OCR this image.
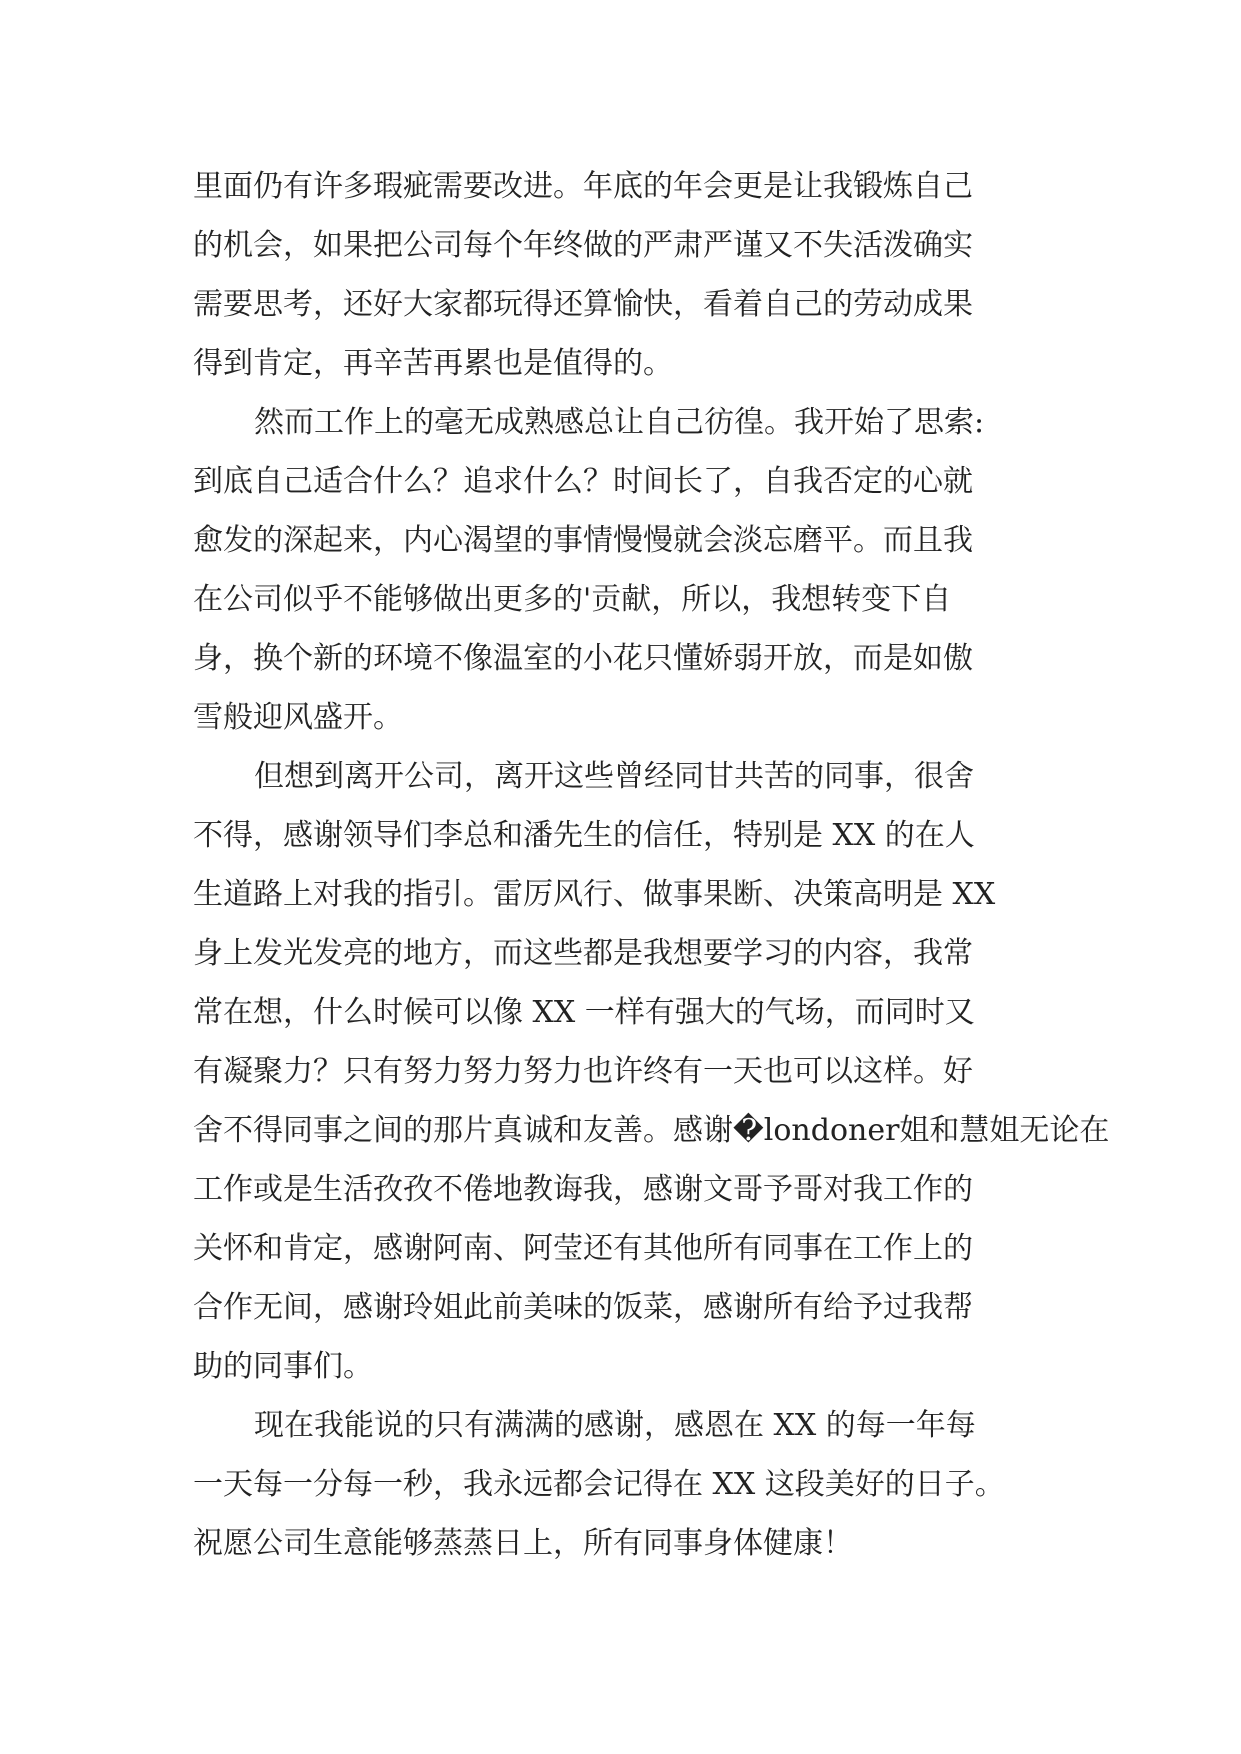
里面仍有许多瑕疵需要改进。年底的年会更是让我锻炼自己
的机会，如果把公司每个年终做的严肃严谨又不失活泼确实
需要思考，还好大家都玩得还算愉快，看着自己的劳动成果
得到肯定，再辛苦再累也是值得的。
然而工作上的毫无成熟感总让自己彷徨。我开始了思索:
到底自己适合什么？追求什么？时间长了，自我否定的心就
愈发的深起来，内心渴望的事情慢慢就会淡忘磨平。而且我
在公司似乎不能够做出更多的'贡献，所以，我想转变下自
身，换个新的环境不像温室的小花只懂娇弱开放，而是如傲
雪般迎风盛开。
但想到离开公司，离开这些曾经同甘共苦的同事，很舍
不得，感谢领导们李总和潘先生的信任，特别是 XX 的在人
生道路上对我的指引。雷厉风行、做事果断、决策高明是 XX
身上发光发亮的地方，而这些都是我想要学习的内容，我常
常在想，什么时候可以像 XX 一样有强大的气场，而同时又
有凝聚力？只有努力努力努力也许终有一天也可以这样。好
舍不得同事之间的那片真诚和友善。感谢�londoner姐和慧姐无论在
工作或是生活孜孜不倦地教诲我，感谢文哥予哥对我工作的
关怀和肯定，感谢阿南、阿莹还有其他所有同事在工作上的
合作无间，感谢玲姐此前美味的饭菜，感谢所有给予过我帮
助的同事们。
现在我能说的只有满满的感谢，感恩在 XX 的每一年每
一天每一分每一秒，我永远都会记得在 XX 这段美好的日子。
祝愿公司生意能够蒸蒸日上，所有同事身体健康！
